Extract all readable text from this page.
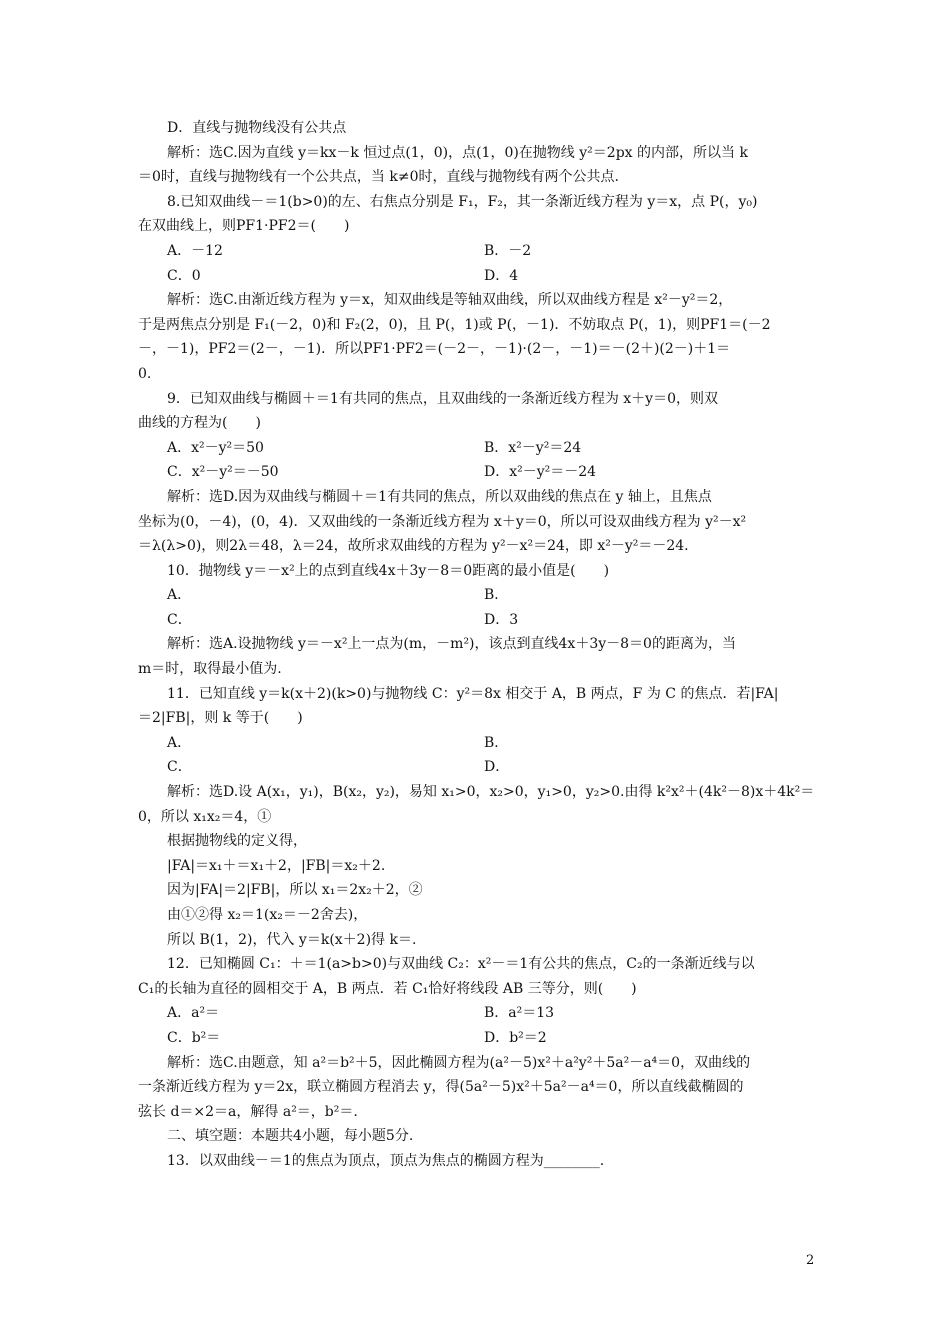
D．直线与抛物线没有公共点
解析：选C.因为直线 y＝kx－k 恒过点(1，0)，点(1，0)在抛物线 y²＝2px 的内部，所以当 k
＝0时，直线与抛物线有一个公共点，当 k≠0时，直线与抛物线有两个公共点.
8.已知双曲线－＝1(b>0)的左、右焦点分别是 F₁，F₂，其一条渐近线方程为 y＝x，点 P(，y₀)
在双曲线上，则PF1·PF2＝(　　)
A．－12	B．－2
C．0	D．4
解析：选C.由渐近线方程为 y＝x，知双曲线是等轴双曲线，所以双曲线方程是 x²－y²＝2，
于是两焦点分别是 F₁(－2，0)和 F₂(2，0)，且 P(，1)或 P(，－1)．不妨取点 P(，1)，则PF1＝(－2
－，－1)，PF2＝(2－，－1)．所以PF1·PF2＝(－2－，－1)·(2－，－1)＝－(2＋)(2－)＋1＝
0.
9．已知双曲线与椭圆＋＝1有共同的焦点，且双曲线的一条渐近线方程为 x＋y＝0，则双
曲线的方程为(　　)
A．x²－y²＝50	B．x²－y²＝24
C．x²－y²＝－50	D．x²－y²＝－24
解析：选D.因为双曲线与椭圆＋＝1有共同的焦点，所以双曲线的焦点在 y 轴上，且焦点
坐标为(0，－4)，(0，4)．又双曲线的一条渐近线方程为 x＋y＝0，所以可设双曲线方程为 y²－x²
＝λ(λ>0)，则2λ＝48，λ＝24，故所求双曲线的方程为 y²－x²＝24，即 x²－y²＝－24.
10．抛物线 y＝－x²上的点到直线4x＋3y－8＝0距离的最小值是(　　)
A．	B．
C．	D．3
解析：选A.设抛物线 y＝－x²上一点为(m，－m²)，该点到直线4x＋3y－8＝0的距离为，当
m＝时，取得最小值为.
11．已知直线 y＝k(x＋2)(k>0)与抛物线 C：y²＝8x 相交于 A，B 两点，F 为 C 的焦点．若|FA|
＝2|FB|，则 k 等于(　　)
A．	B．
C．	D．
解析：选D.设 A(x₁，y₁)，B(x₂，y₂)，易知 x₁>0，x₂>0，y₁>0，y₂>0.由得 k²x²＋(4k²－8)x＋4k²＝
0，所以 x₁x₂＝4，①
根据抛物线的定义得，
|FA|＝x₁＋＝x₁＋2，|FB|＝x₂＋2.
因为|FA|＝2|FB|，所以 x₁＝2x₂＋2，②
由①②得 x₂＝1(x₂＝－2舍去)，
所以 B(1，2)，代入 y＝k(x＋2)得 k＝.
12．已知椭圆 C₁：＋＝1(a>b>0)与双曲线 C₂：x²－＝1有公共的焦点，C₂的一条渐近线与以
C₁的长轴为直径的圆相交于 A，B 两点．若 C₁恰好将线段 AB 三等分，则(　　)
A．a²＝	B．a²＝13
C．b²＝	D．b²＝2
解析：选C.由题意，知 a²＝b²＋5，因此椭圆方程为(a²－5)x²＋a²y²＋5a²－a⁴＝0，双曲线的
一条渐近线方程为 y＝2x，联立椭圆方程消去 y，得(5a²－5)x²＋5a²－a⁴＝0，所以直线截椭圆的
弦长 d＝×2＝a，解得 a²＝，b²＝.
二、填空题：本题共4小题，每小题5分.
13．以双曲线－＝1的焦点为顶点，顶点为焦点的椭圆方程为________.
2
